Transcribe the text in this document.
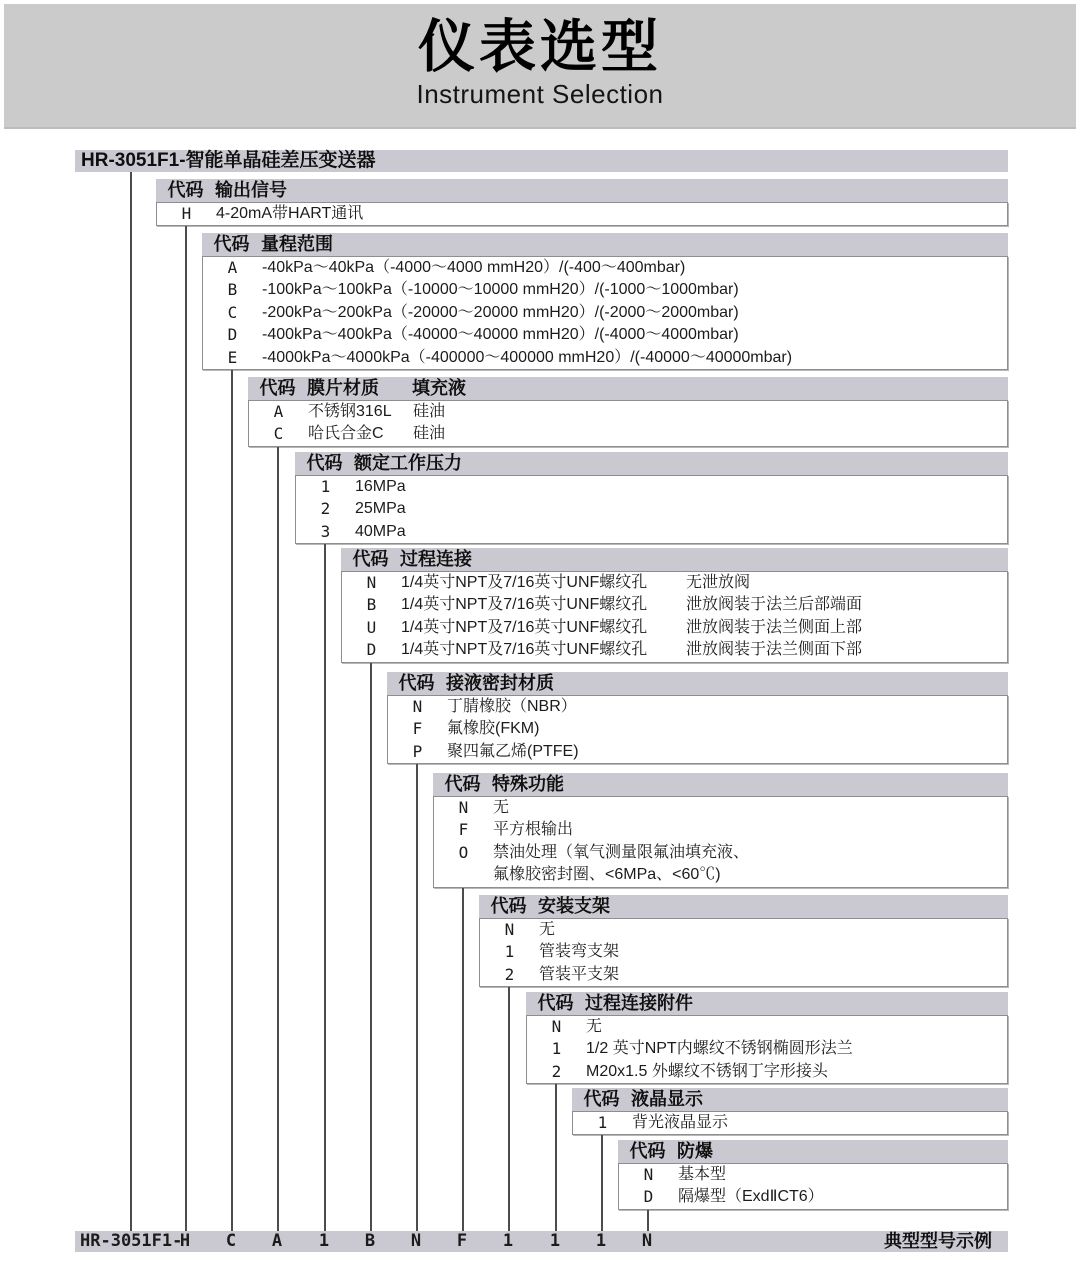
仪表选型
Instrument Selection
HR-3051F1-智能单晶硅差压变送器
代码 输出信号
H	4-20mA带HART通讯
代码 量程范围
A	-40kPa～40kPa（-4000～4000 mmH20）/(-400～400mbar)
B	-100kPa～100kPa（-10000～10000 mmH20）/(-1000～1000mbar)
C	-200kPa～200kPa（-20000～20000 mmH20）/(-2000～2000mbar)
D	-400kPa～400kPa（-40000～40000 mmH20）/(-4000～4000mbar)
E	-4000kPa～4000kPa（-400000～400000 mmH20）/(-40000～40000mbar)
代码 膜片材质	填充液
A	不锈钢316L	硅油
C	哈氏合金C	硅油
代码 额定工作压力
1	16MPa
2	25MPa
3	40MPa
代码 过程连接
N	1/4英寸NPT及7/16英寸UNF螺纹孔	无泄放阀
B	1/4英寸NPT及7/16英寸UNF螺纹孔	泄放阀装于法兰后部端面
U	1/4英寸NPT及7/16英寸UNF螺纹孔	泄放阀装于法兰侧面上部
D	1/4英寸NPT及7/16英寸UNF螺纹孔	泄放阀装于法兰侧面下部
代码 接液密封材质
N	丁腈橡胶（NBR）
F	氟橡胶(FKM)
P	聚四氟乙烯(PTFE)
代码 特殊功能
N	无
F	平方根输出
O	禁油处理（氧气测量限氟油填充液、
氟橡胶密封圈、<6MPa、<60℃)
代码 安装支架
N	无
1	管装弯支架
2	管装平支架
代码 过程连接附件
N	无
1	1/2 英寸NPT内螺纹不锈钢椭圆形法兰
2	M20x1.5 外螺纹不锈钢丁字形接头
代码 液晶显示
1	背光液晶显示
代码 防爆
N	基本型
D	隔爆型（ExdⅡCT6）
HR-3051F1-
H	C	A	1	B	N	F	1	1	1	N	典型型号示例
